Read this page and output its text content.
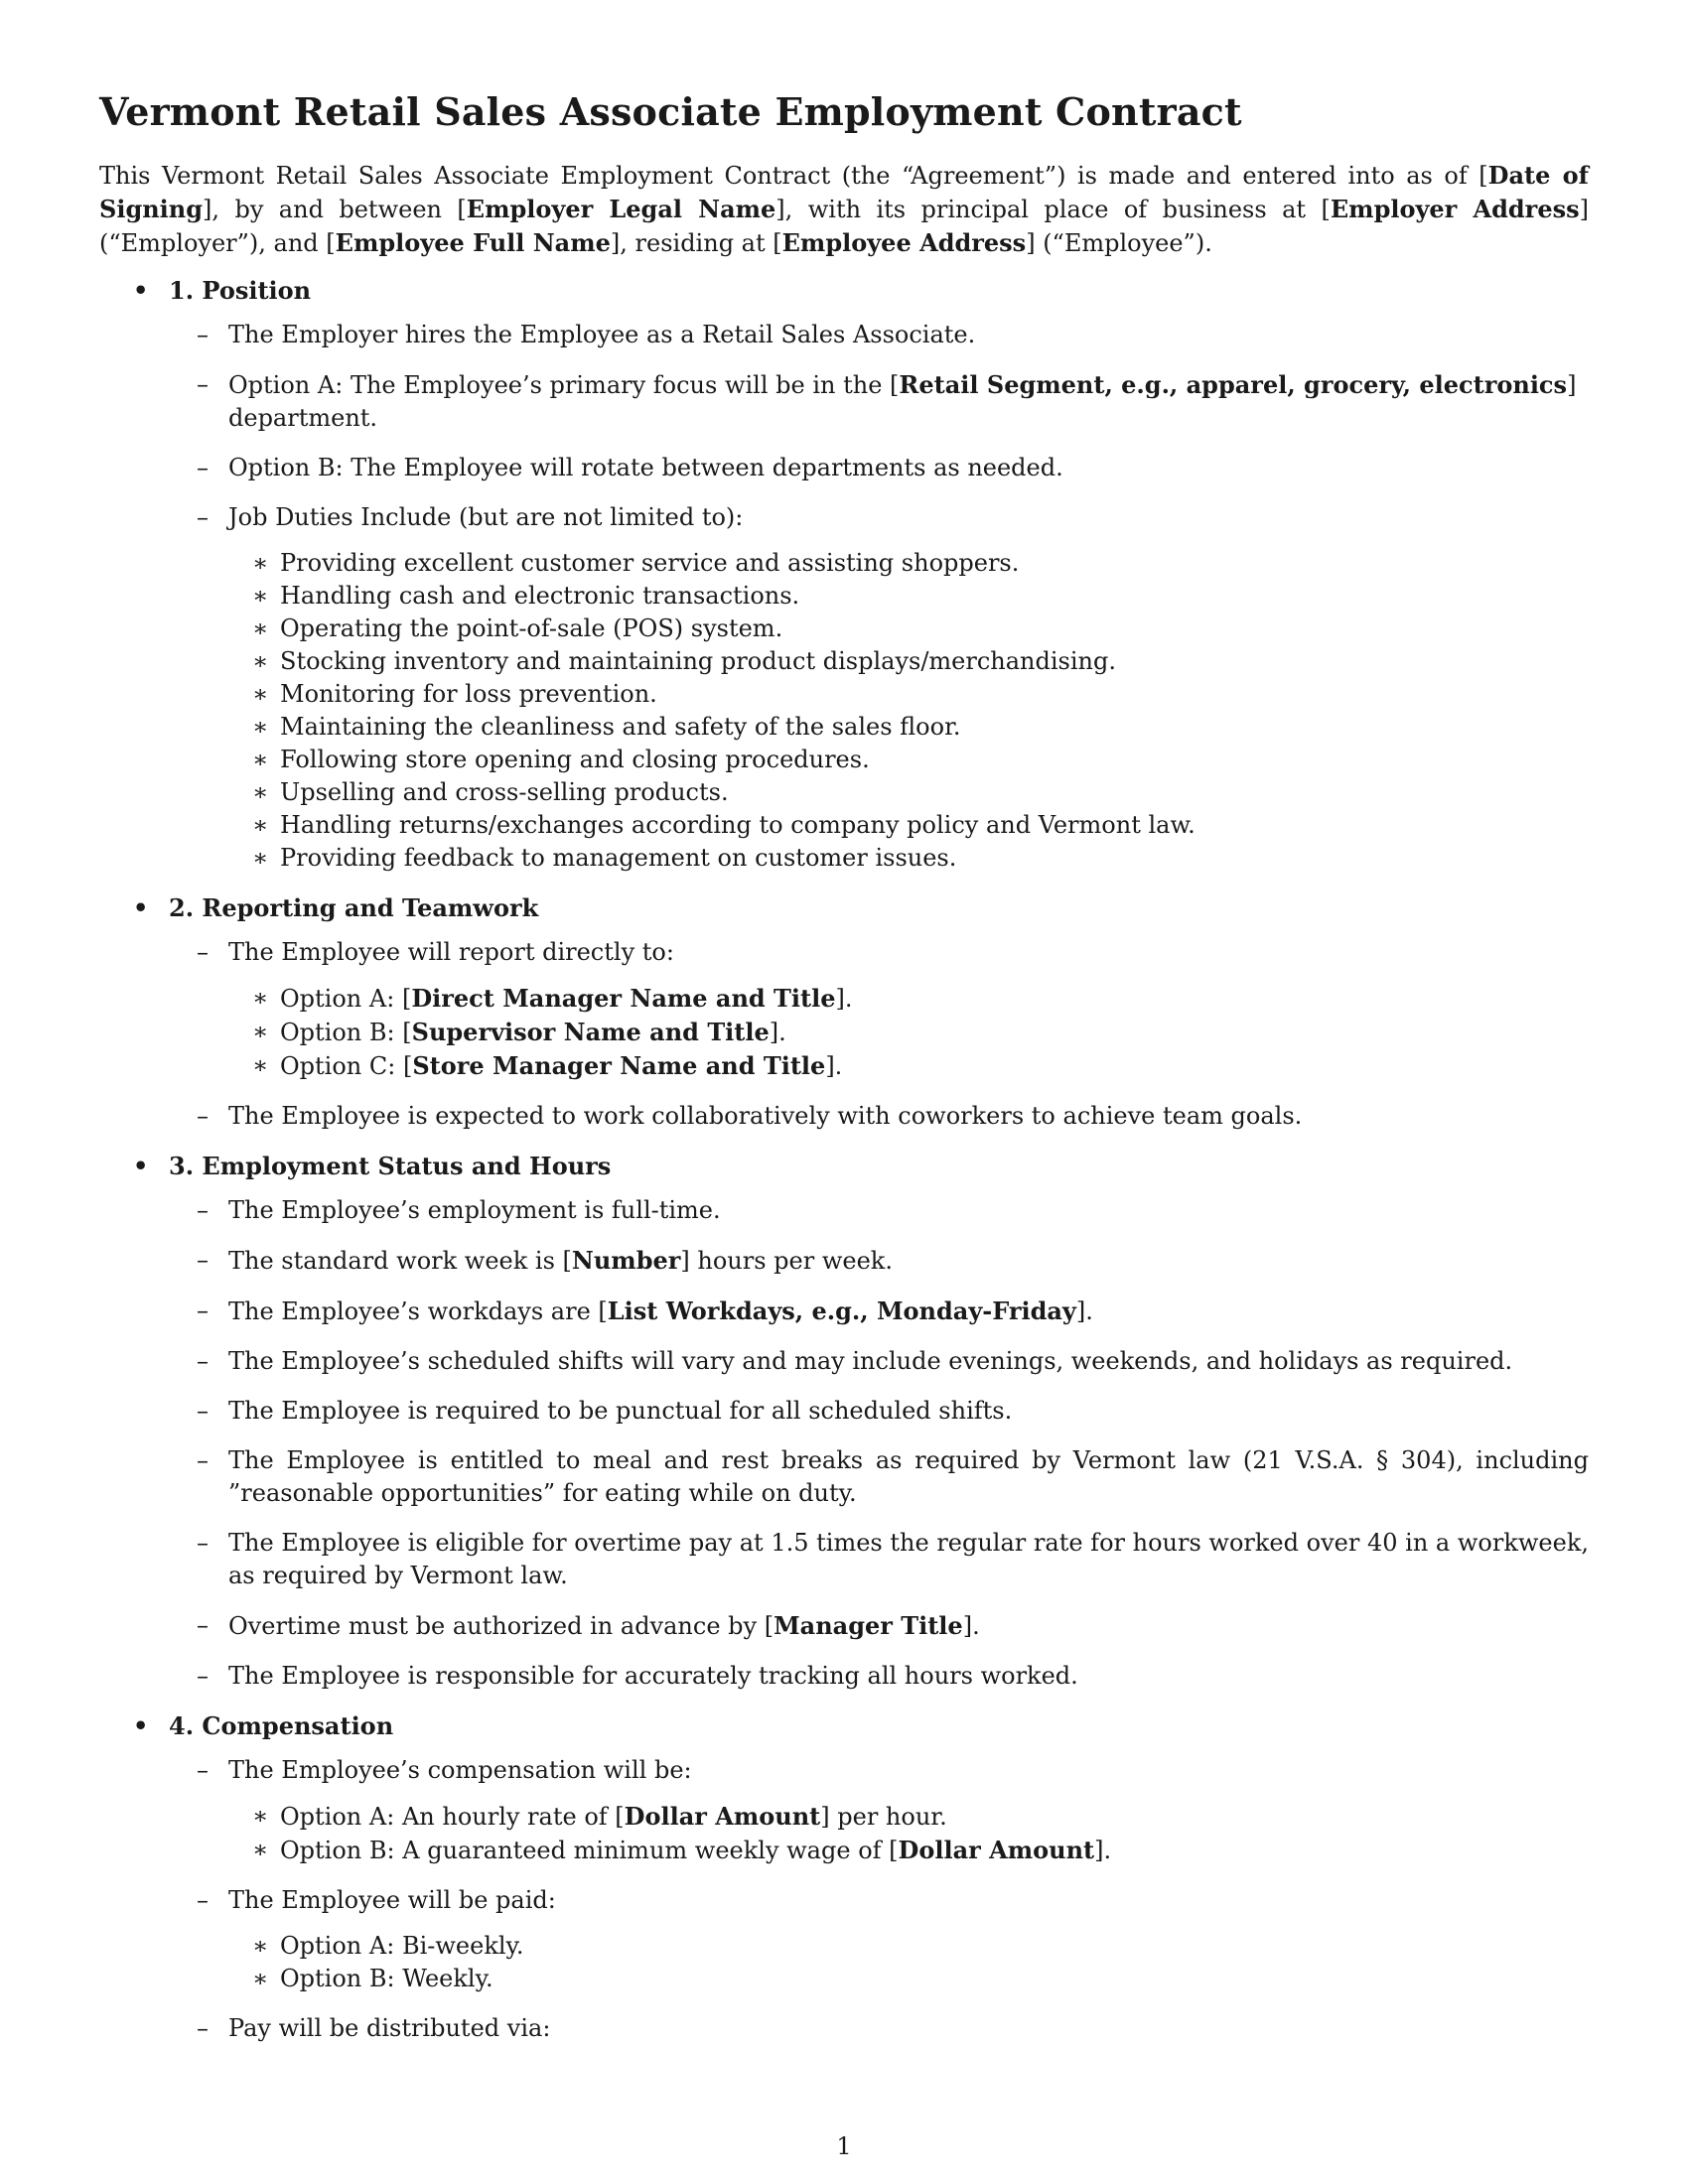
Vermont Retail Sales Associate Employment Contract

This Vermont Retail Sales Associate Employment Contract (the “Agreement”) is made and entered into as of [Date of Signing], by and between [Employer Legal Name], with its principal place of business at [Employer Address] (“Employer”), and [Employee Full Name], residing at [Employee Address] (“Employee”).

• 1. Position
– The Employer hires the Employee as a Retail Sales Associate.
– Option A: The Employee’s primary focus will be in the [Retail Segment, e.g., apparel, grocery, electronics] department.
– Option B: The Employee will rotate between departments as needed.
– Job Duties Include (but are not limited to):
∗ Providing excellent customer service and assisting shoppers.
∗ Handling cash and electronic transactions.
∗ Operating the point-of-sale (POS) system.
∗ Stocking inventory and maintaining product displays/merchandising.
∗ Monitoring for loss prevention.
∗ Maintaining the cleanliness and safety of the sales floor.
∗ Following store opening and closing procedures.
∗ Upselling and cross-selling products.
∗ Handling returns/exchanges according to company policy and Vermont law.
∗ Providing feedback to management on customer issues.
• 2. Reporting and Teamwork
– The Employee will report directly to:
∗ Option A: [Direct Manager Name and Title].
∗ Option B: [Supervisor Name and Title].
∗ Option C: [Store Manager Name and Title].
– The Employee is expected to work collaboratively with coworkers to achieve team goals.
• 3. Employment Status and Hours
– The Employee’s employment is full-time.
– The standard work week is [Number] hours per week.
– The Employee’s workdays are [List Workdays, e.g., Monday-Friday].
– The Employee’s scheduled shifts will vary and may include evenings, weekends, and holidays as required.
– The Employee is required to be punctual for all scheduled shifts.
– The Employee is entitled to meal and rest breaks as required by Vermont law (21 V.S.A. § 304), including ”reasonable opportunities” for eating while on duty.
– The Employee is eligible for overtime pay at 1.5 times the regular rate for hours worked over 40 in a workweek, as required by Vermont law.
– Overtime must be authorized in advance by [Manager Title].
– The Employee is responsible for accurately tracking all hours worked.
• 4. Compensation
– The Employee’s compensation will be:
∗ Option A: An hourly rate of [Dollar Amount] per hour.
∗ Option B: A guaranteed minimum weekly wage of [Dollar Amount].
– The Employee will be paid:
∗ Option A: Bi-weekly.
∗ Option B: Weekly.
– Pay will be distributed via:
1
